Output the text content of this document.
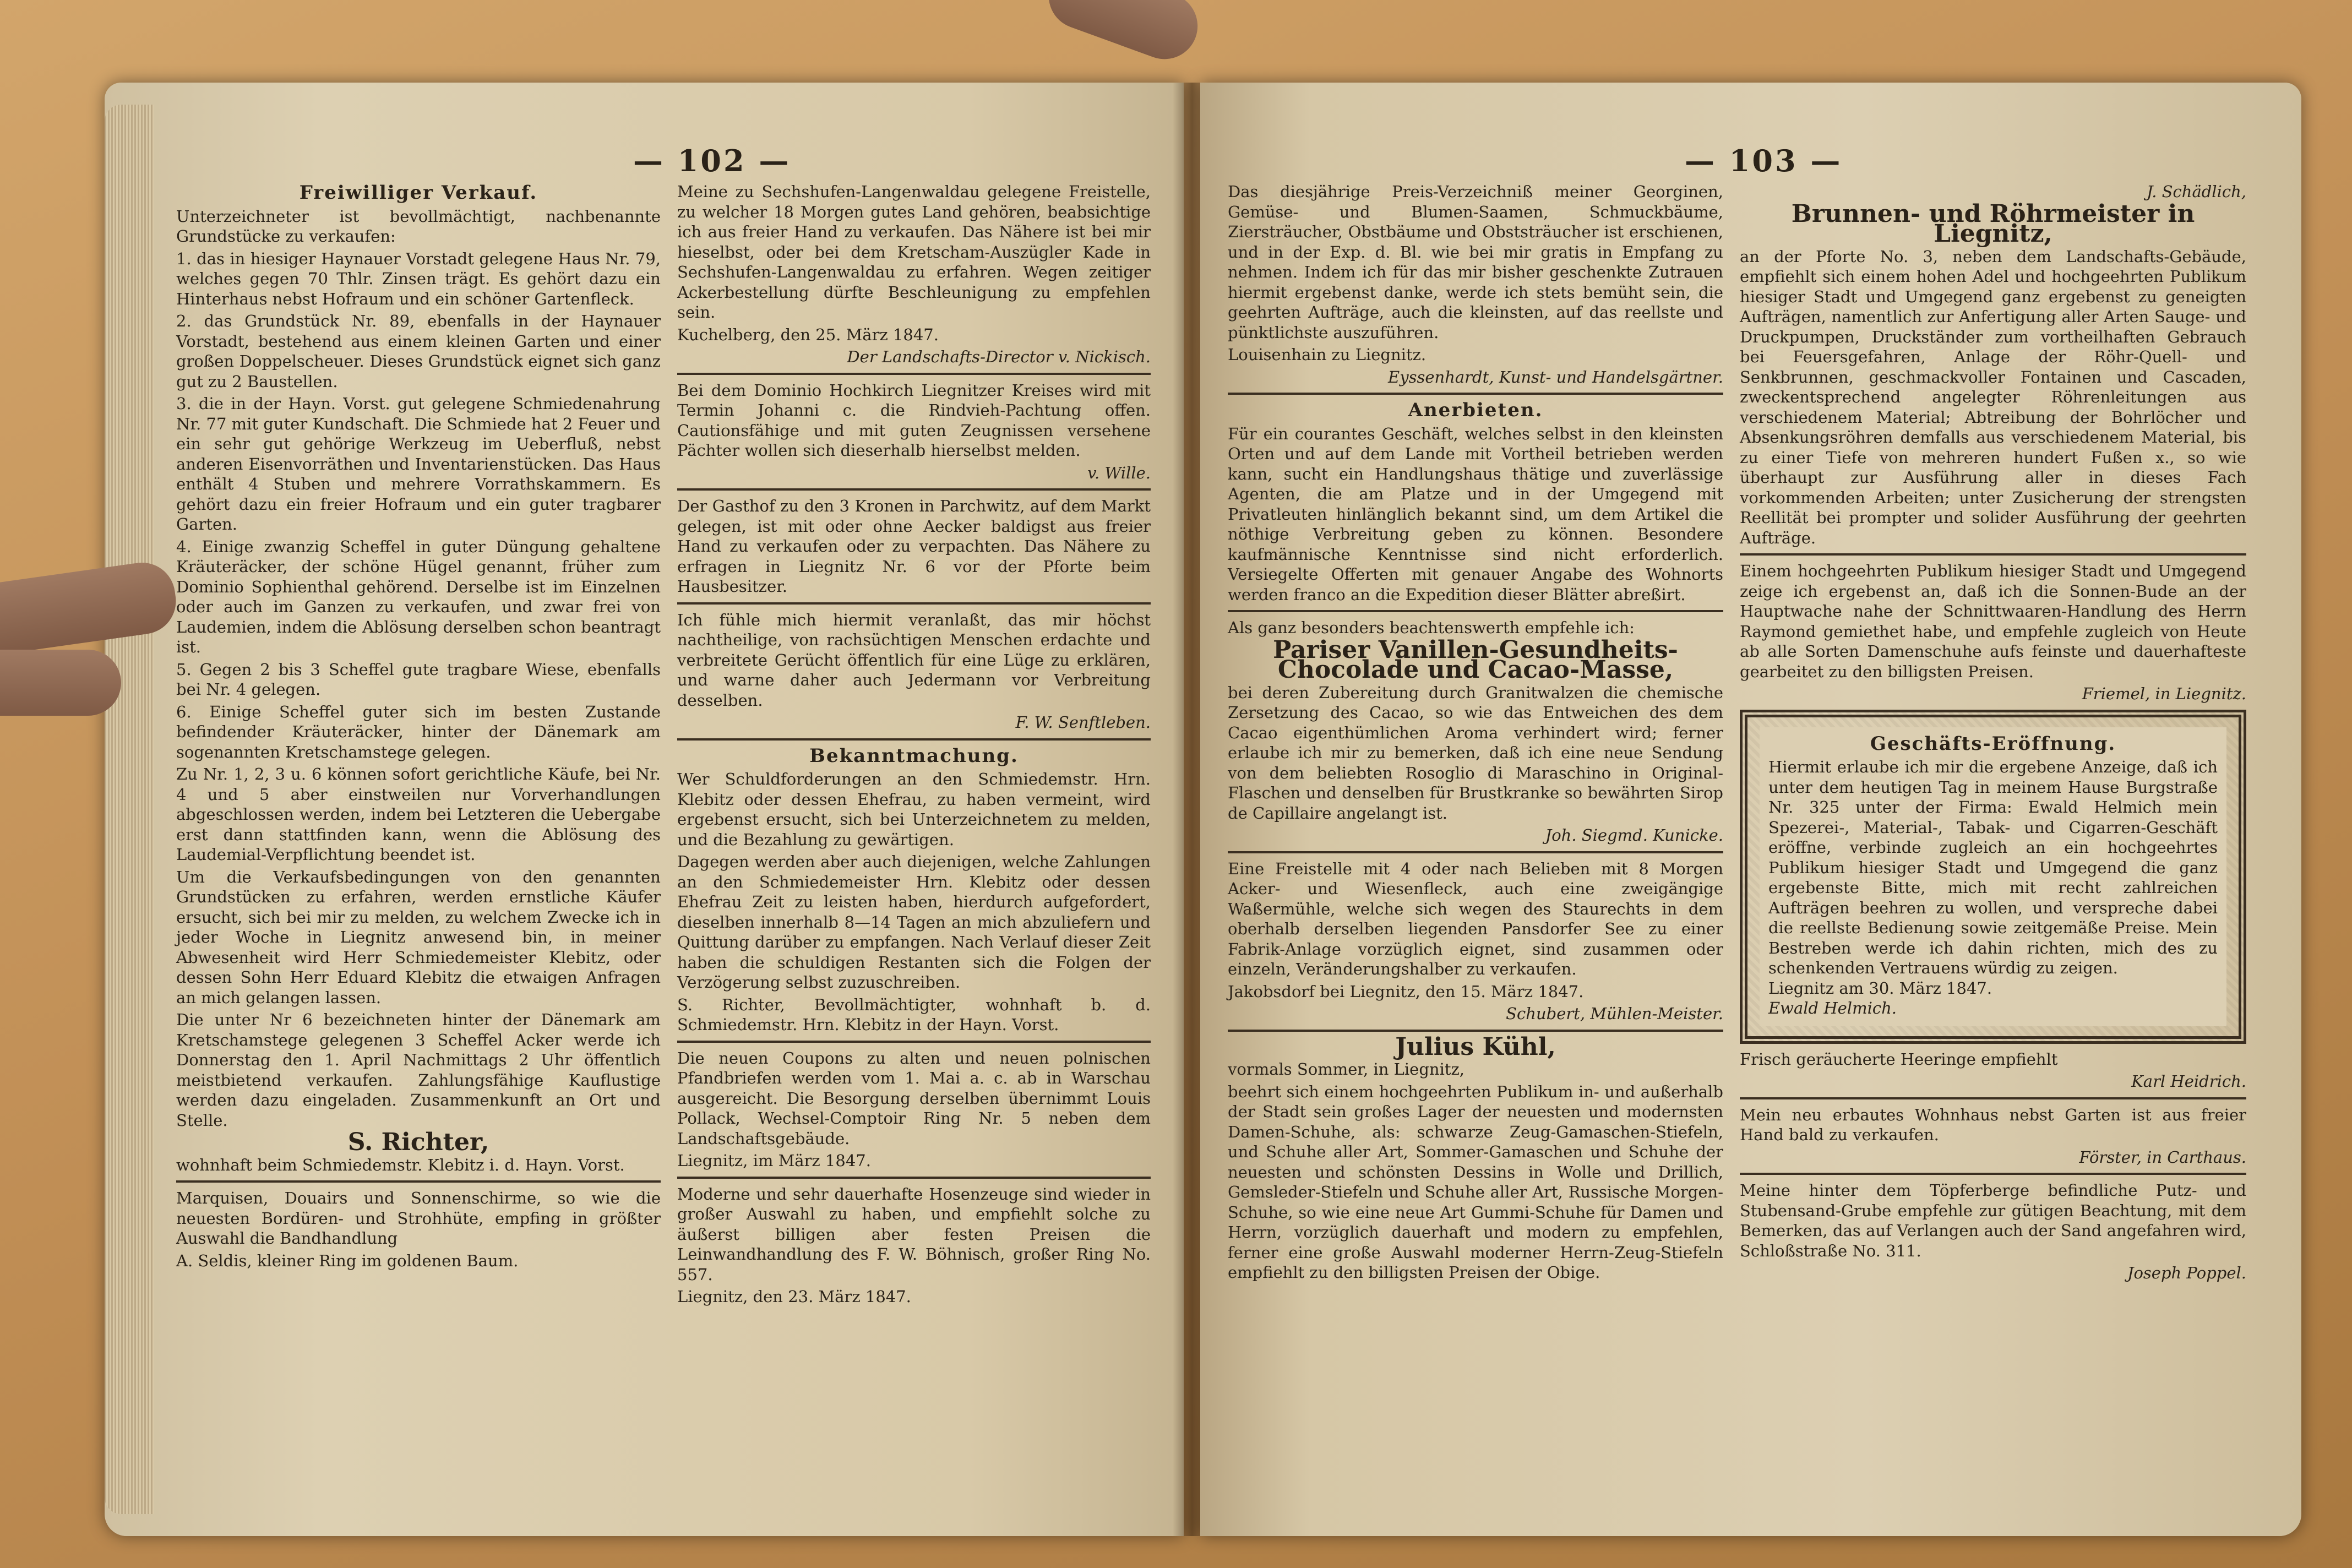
— 102 —
Freiwilliger Verkauf.

Unterzeichneter ist bevollmächtigt, nachbenannte Grundstücke zu verkaufen:

1. das in hiesiger Haynauer Vorstadt gelegene Haus Nr. 79, welches gegen 70 Thlr. Zinsen trägt. Es gehört dazu ein Hinterhaus nebst Hofraum und ein schöner Gartenfleck.

2. das Grundstück Nr. 89, ebenfalls in der Haynauer Vorstadt, bestehend aus einem kleinen Garten und einer großen Doppelscheuer. Dieses Grundstück eignet sich ganz gut zu 2 Baustellen.

3. die in der Hayn. Vorst. gut gelegene Schmiedenahrung Nr. 77 mit guter Kundschaft. Die Schmiede hat 2 Feuer und ein sehr gut gehörige Werkzeug im Ueberfluß, nebst anderen Eisenvorräthen und Inventarienstücken. Das Haus enthält 4 Stuben und mehrere Vorrathskammern. Es gehört dazu ein freier Hofraum und ein guter tragbarer Garten.

4. Einige zwanzig Scheffel in guter Düngung gehaltene Kräuteräcker, der schöne Hügel genannt, früher zum Dominio Sophienthal gehörend. Derselbe ist im Einzelnen oder auch im Ganzen zu verkaufen, und zwar frei von Laudemien, indem die Ablösung derselben schon beantragt ist.

5. Gegen 2 bis 3 Scheffel gute tragbare Wiese, ebenfalls bei Nr. 4 gelegen.

6. Einige Scheffel guter sich im besten Zustande befindender Kräuteräcker, hinter der Dänemark am sogenannten Kretschamstege gelegen.

Zu Nr. 1, 2, 3 u. 6 können sofort gerichtliche Käufe, bei Nr. 4 und 5 aber einstweilen nur Vorverhandlungen abgeschlossen werden, indem bei Letzteren die Uebergabe erst dann stattfinden kann, wenn die Ablösung des Laudemial-Verpflichtung beendet ist.

Um die Verkaufsbedingungen von den genannten Grundstücken zu erfahren, werden ernstliche Käufer ersucht, sich bei mir zu melden, zu welchem Zwecke ich in jeder Woche in Liegnitz anwesend bin, in meiner Abwesenheit wird Herr Schmiedemeister Klebitz, oder dessen Sohn Herr Eduard Klebitz die etwaigen Anfragen an mich gelangen lassen.

Die unter Nr 6 bezeichneten hinter der Dänemark am Kretschamstege gelegenen 3 Scheffel Acker werde ich Donnerstag den 1. April Nachmittags 2 Uhr öffentlich meistbietend verkaufen. Zahlungsfähige Kauflustige werden dazu eingeladen. Zusammenkunft an Ort und Stelle.

S. Richter,

wohnhaft beim Schmiedemstr. Klebitz i. d. Hayn. Vorst.

Marquisen, Douairs und Sonnenschirme, so wie die neuesten Bordüren- und Strohhüte, empfing in größter Auswahl die Bandhandlung

A. Seldis, kleiner Ring im goldenen Baum.

Meine zu Sechshufen-Langenwaldau gelegene Freistelle, zu welcher 18 Morgen gutes Land gehören, beabsichtige ich aus freier Hand zu verkaufen. Das Nähere ist bei mir hieselbst, oder bei dem Kretscham-Auszügler Kade in Sechshufen-Langenwaldau zu erfahren. Wegen zeitiger Ackerbestellung dürfte Beschleunigung zu empfehlen sein.

Kuchelberg, den 25. März 1847.

Der Landschafts-Director v. Nickisch.

Bei dem Dominio Hochkirch Liegnitzer Kreises wird mit Termin Johanni c. die Rindvieh-Pachtung offen. Cautionsfähige und mit guten Zeugnissen versehene Pächter wollen sich dieserhalb hierselbst melden.

v. Wille.

Der Gasthof zu den 3 Kronen in Parchwitz, auf dem Markt gelegen, ist mit oder ohne Aecker baldigst aus freier Hand zu verkaufen oder zu verpachten. Das Nähere zu erfragen in Liegnitz Nr. 6 vor der Pforte beim Hausbesitzer.

Ich fühle mich hiermit veranlaßt, das mir höchst nachtheilige, von rachsüchtigen Menschen erdachte und verbreitete Gerücht öffentlich für eine Lüge zu erklären, und warne daher auch Jedermann vor Verbreitung desselben.

F. W. Senftleben.
Bekanntmachung.

Wer Schuldforderungen an den Schmiedemstr. Hrn. Klebitz oder dessen Ehefrau, zu haben vermeint, wird ergebenst ersucht, sich bei Unterzeichnetem zu melden, und die Bezahlung zu gewärtigen.

Dagegen werden aber auch diejenigen, welche Zahlungen an den Schmiedemeister Hrn. Klebitz oder dessen Ehefrau Zeit zu leisten haben, hierdurch aufgefordert, dieselben innerhalb 8—14 Tagen an mich abzuliefern und Quittung darüber zu empfangen. Nach Verlauf dieser Zeit haben die schuldigen Restanten sich die Folgen der Verzögerung selbst zuzuschreiben.

S. Richter, Bevollmächtigter, wohnhaft b. d. Schmiedemstr. Hrn. Klebitz in der Hayn. Vorst.

Die neuen Coupons zu alten und neuen polnischen Pfandbriefen werden vom 1. Mai a. c. ab in Warschau ausgereicht. Die Besorgung derselben übernimmt Louis Pollack, Wechsel-Comptoir Ring Nr. 5 neben dem Landschaftsgebäude.

Liegnitz, im März 1847.

Moderne und sehr dauerhafte Hosenzeuge sind wieder in großer Auswahl zu haben, und empfiehlt solche zu äußerst billigen aber festen Preisen die Leinwandhandlung des F. W. Böhnisch, großer Ring No. 557.

Liegnitz, den 23. März 1847.

— 103 —

Das diesjährige Preis-Verzeichniß meiner Georginen, Gemüse- und Blumen-Saamen, Schmuckbäume, Ziersträucher, Obstbäume und Obststräucher ist erschienen, und in der Exp. d. Bl. wie bei mir gratis in Empfang zu nehmen. Indem ich für das mir bisher geschenkte Zutrauen hiermit ergebenst danke, werde ich stets bemüht sein, die geehrten Aufträge, auch die kleinsten, auf das reellste und pünktlichste auszuführen.

Louisenhain zu Liegnitz.

Eyssenhardt, Kunst- und Handelsgärtner.
Anerbieten.

Für ein courantes Geschäft, welches selbst in den kleinsten Orten und auf dem Lande mit Vortheil betrieben werden kann, sucht ein Handlungshaus thätige und zuverlässige Agenten, die am Platze und in der Umgegend mit Privatleuten hinlänglich bekannt sind, um dem Artikel die nöthige Verbreitung geben zu können. Besondere kaufmännische Kenntnisse sind nicht erforderlich. Versiegelte Offerten mit genauer Angabe des Wohnorts werden franco an die Expedition dieser Blätter abreßirt.

Als ganz besonders beachtenswerth empfehle ich:

Pariser Vanillen-Gesundheits-Chocolade und Cacao-Masse,

bei deren Zubereitung durch Granitwalzen die chemische Zersetzung des Cacao, so wie das Entweichen des dem Cacao eigenthümlichen Aroma verhindert wird; ferner erlaube ich mir zu bemerken, daß ich eine neue Sendung von dem beliebten Rosoglio di Maraschino in Original-Flaschen und denselben für Brustkranke so bewährten Sirop de Capillaire angelangt ist.

Joh. Siegmd. Kunicke.

Eine Freistelle mit 4 oder nach Belieben mit 8 Morgen Acker- und Wiesenfleck, auch eine zweigängige Waßermühle, welche sich wegen des Staurechts in dem oberhalb derselben liegenden Pansdorfer See zu einer Fabrik-Anlage vorzüglich eignet, sind zusammen oder einzeln, Veränderungshalber zu verkaufen.

Jakobsdorf bei Liegnitz, den 15. März 1847.

Schubert, Mühlen-Meister.
Julius Kühl,

vormals Sommer, in Liegnitz,

beehrt sich einem hochgeehrten Publikum in- und außerhalb der Stadt sein großes Lager der neuesten und modernsten Damen-Schuhe, als: schwarze Zeug-Gamaschen-Stiefeln, und Schuhe aller Art, Sommer-Gamaschen und Schuhe der neuesten und schönsten Dessins in Wolle und Drillich, Gemsleder-Stiefeln und Schuhe aller Art, Russische Morgen-Schuhe, so wie eine neue Art Gummi-Schuhe für Damen und Herrn, vorzüglich dauerhaft und modern zu empfehlen, ferner eine große Auswahl moderner Herrn-Zeug-Stiefeln empfiehlt zu den billigsten Preisen der Obige.

J. Schädlich,
Brunnen- und Röhrmeister in Liegnitz,

an der Pforte No. 3, neben dem Landschafts-Gebäude, empfiehlt sich einem hohen Adel und hochgeehrten Publikum hiesiger Stadt und Umgegend ganz ergebenst zu geneigten Aufträgen, namentlich zur Anfertigung aller Arten Sauge- und Druckpumpen, Druckständer zum vortheilhaften Gebrauch bei Feuersgefahren, Anlage der Röhr-Quell- und Senkbrunnen, geschmackvoller Fontainen und Cascaden, zweckentsprechend angelegter Röhrenleitungen aus verschiedenem Material; Abtreibung der Bohrlöcher und Absenkungsröhren demfalls aus verschiedenem Material, bis zu einer Tiefe von mehreren hundert Fußen x., so wie überhaupt zur Ausführung aller in dieses Fach vorkommenden Arbeiten; unter Zusicherung der strengsten Reellität bei prompter und solider Ausführung der geehrten Aufträge.

Einem hochgeehrten Publikum hiesiger Stadt und Umgegend zeige ich ergebenst an, daß ich die Sonnen-Bude an der Hauptwache nahe der Schnittwaaren-Handlung des Herrn Raymond gemiethet habe, und empfehle zugleich von Heute ab alle Sorten Damenschuhe aufs feinste und dauerhafteste gearbeitet zu den billigsten Preisen.

Friemel, in Liegnitz.
Geschäfts-Eröffnung.

Hiermit erlaube ich mir die ergebene Anzeige, daß ich unter dem heutigen Tag in meinem Hause Burgstraße Nr. 325 unter der Firma: Ewald Helmich mein Spezerei-, Material-, Tabak- und Cigarren-Geschäft eröffne, verbinde zugleich an ein hochgeehrtes Publikum hiesiger Stadt und Umgegend die ganz ergebenste Bitte, mich mit recht zahlreichen Aufträgen beehren zu wollen, und verspreche dabei die reellste Bedienung sowie zeitgemäße Preise. Mein Bestreben werde ich dahin richten, mich des zu schenkenden Vertrauens würdig zu zeigen.

Liegnitz am 30. März 1847.

Ewald Helmich.

Frisch geräucherte Heeringe empfiehlt

Karl Heidrich.

Mein neu erbautes Wohnhaus nebst Garten ist aus freier Hand bald zu verkaufen.

Förster, in Carthaus.

Meine hinter dem Töpferberge befindliche Putz- und Stubensand-Grube empfehle zur gütigen Beachtung, mit dem Bemerken, das auf Verlangen auch der Sand angefahren wird, Schloßstraße No. 311.

Joseph Poppel.
